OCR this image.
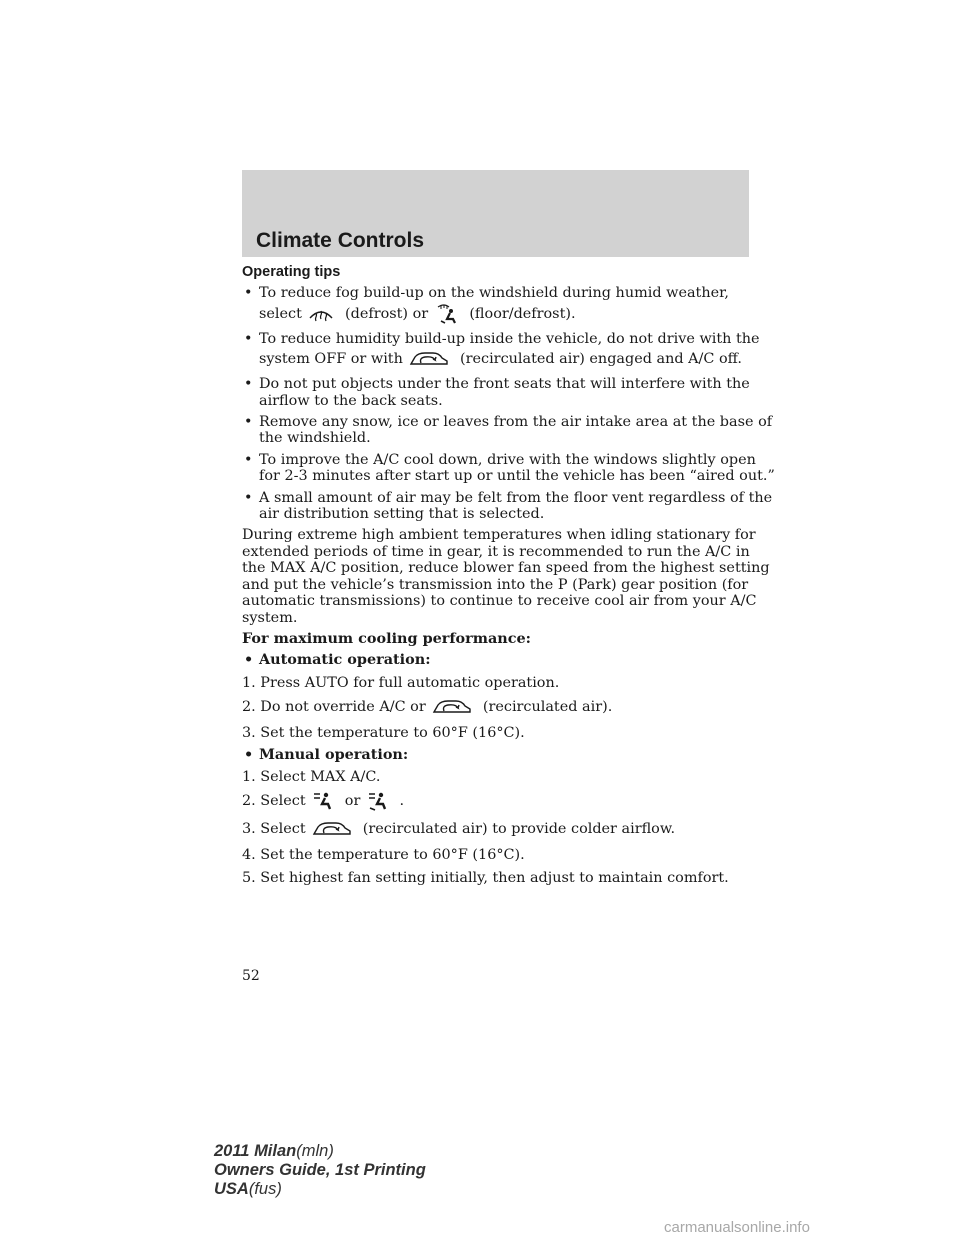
Climate Controls
Operating tips
• To reduce fog build-up on the windshield during humid weather,
select	(defrost) or	(floor/defrost).
• To reduce humidity build-up inside the vehicle, do not drive with the
system OFF or with	(recirculated air) engaged and A/C off.
• Do not put objects under the front seats that will interfere with the
airflow to the back seats.
• Remove any snow, ice or leaves from the air intake area at the base of
the windshield.
• To improve the A/C cool down, drive with the windows slightly open
for 2-3 minutes after start up or until the vehicle has been “aired out.”
• A small amount of air may be felt from the floor vent regardless of the
air distribution setting that is selected.
During extreme high ambient temperatures when idling stationary for
extended periods of time in gear, it is recommended to run the A/C in
the MAX A/C position, reduce blower fan speed from the highest setting
and put the vehicle’s transmission into the P (Park) gear position (for
automatic transmissions) to continue to receive cool air from your A/C
system.
For maximum cooling performance:
• Automatic operation:
1. Press AUTO for full automatic operation.
2. Do not override A/C or	(recirculated air).
3. Set the temperature to 60°F (16°C).
• Manual operation:
1. Select MAX A/C.
2. Select	or	.
3. Select	(recirculated air) to provide colder airflow.
4. Set the temperature to 60°F (16°C).
5. Set highest fan setting initially, then adjust to maintain comfort.
52
2011 Milan(mln)
Owners Guide, 1st Printing
USA(fus)
carmanualsonline.info
